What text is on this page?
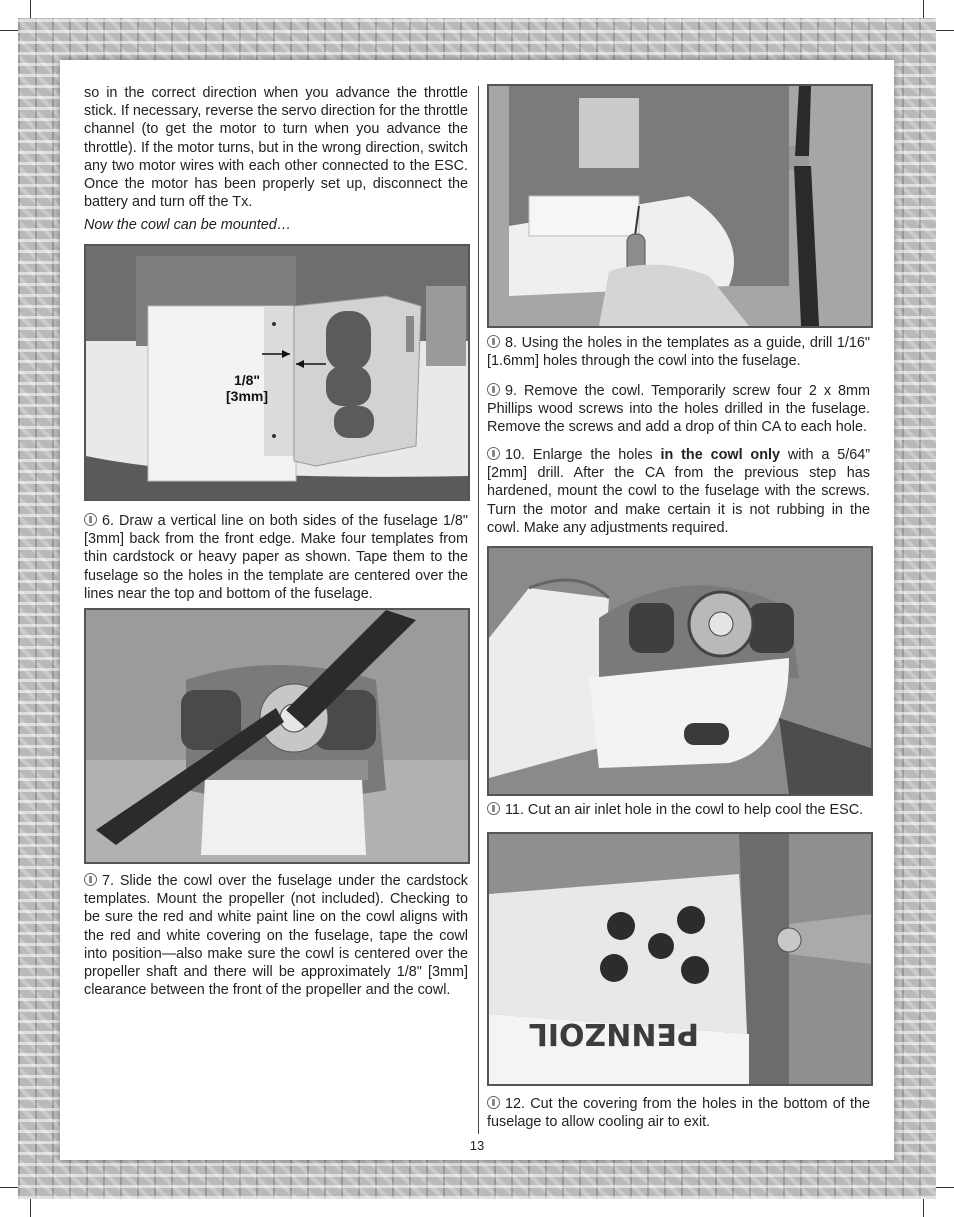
so in the correct direction when you advance the throttle stick. If necessary, reverse the servo direction for the throttle channel (to get the motor to turn when you advance the throttle). If the motor turns, but in the wrong direction, switch any two motor wires with each other connected to the ESC. Once the motor has been properly set up, disconnect the battery and turn off the Tx.

Now the cowl can be mounted…

1/8"
[3mm]

6. Draw a vertical line on both sides of the fuselage 1/8" [3mm] back from the front edge. Make four templates from thin cardstock or heavy paper as shown. Tape them to the fuselage so the holes in the template are centered over the lines near the top and bottom of the fuselage.

7. Slide the cowl over the fuselage under the cardstock templates. Mount the propeller (not included). Checking to be sure the red and white paint line on the cowl aligns with the red and white covering on the fuselage, tape the cowl into position—also make sure the cowl is centered over the propeller shaft and there will be approximately 1/8" [3mm] clearance between the front of the propeller and the cowl.

8. Using the holes in the templates as a guide, drill 1/16" [1.6mm] holes through the cowl into the fuselage.

9. Remove the cowl. Temporarily screw four 2 x 8mm Phillips wood screws into the holes drilled in the fuselage. Remove the screws and add a drop of thin CA to each hole.

10. Enlarge the holes in the cowl only with a 5/64” [2mm] drill. After the CA from the previous step has hardened, mount the cowl to the fuselage with the screws. Turn the motor and make certain it is not rubbing in the cowl. Make any adjustments required.

11. Cut an air inlet hole in the cowl to help cool the ESC.

PENNZOIL

12. Cut the covering from the holes in the bottom of the fuselage to allow cooling air to exit.

13
